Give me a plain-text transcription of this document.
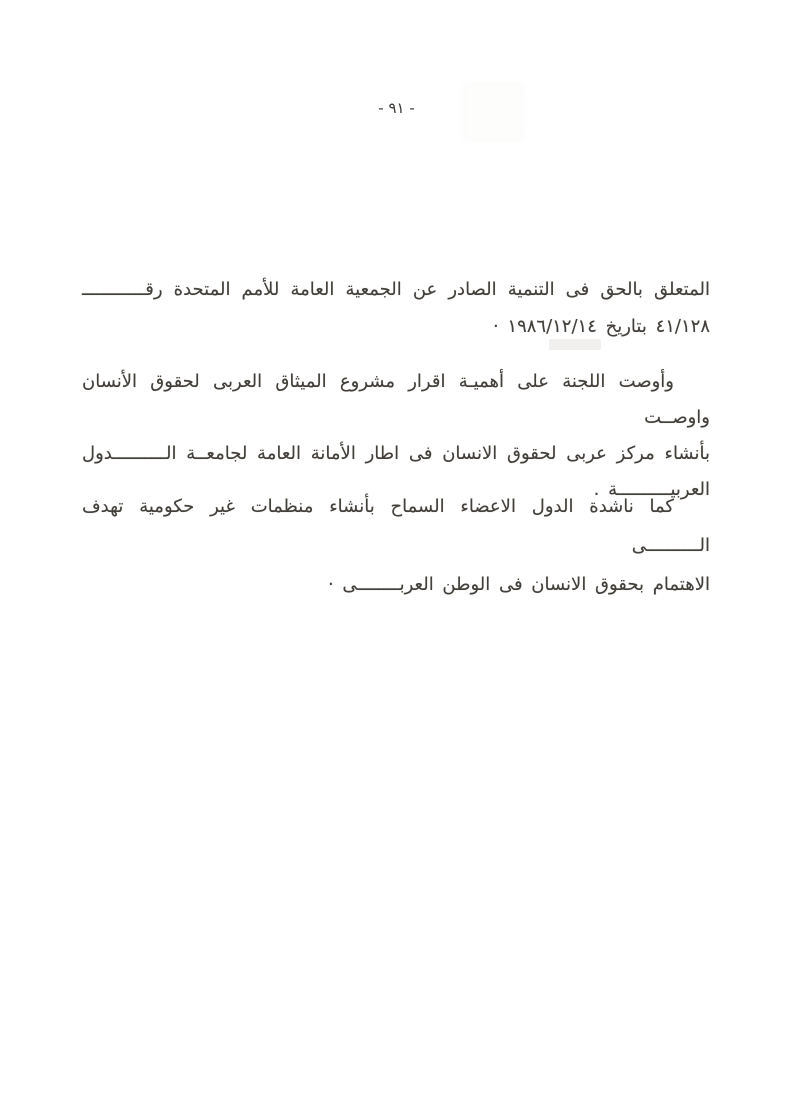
- ٩١ -

المتعلق بالحق فى التنمية الصادر عن الجمعية العامة للأمم المتحدة رقــــــــــــ

٤١/١٢٨ بتاريخ ١٩٨٦/١٢/١٤ ·

وأوصت اللجنة على أهميـة اقرار مشروع الميثاق العربى لحقوق الأنسان واوصــت

بأنشاء مركز عربى لحقوق الانسان فى اطار الأمانة العامة لجامعــة الــــــــــدول

العربيــــــــــة .

كما ناشدة الدول الاعضاء السماح بأنشاء منظمات غير حكومية تهدف الــــــــــى

الاهتمام بحقوق الانسان فى الوطن العربــــــــى ·
